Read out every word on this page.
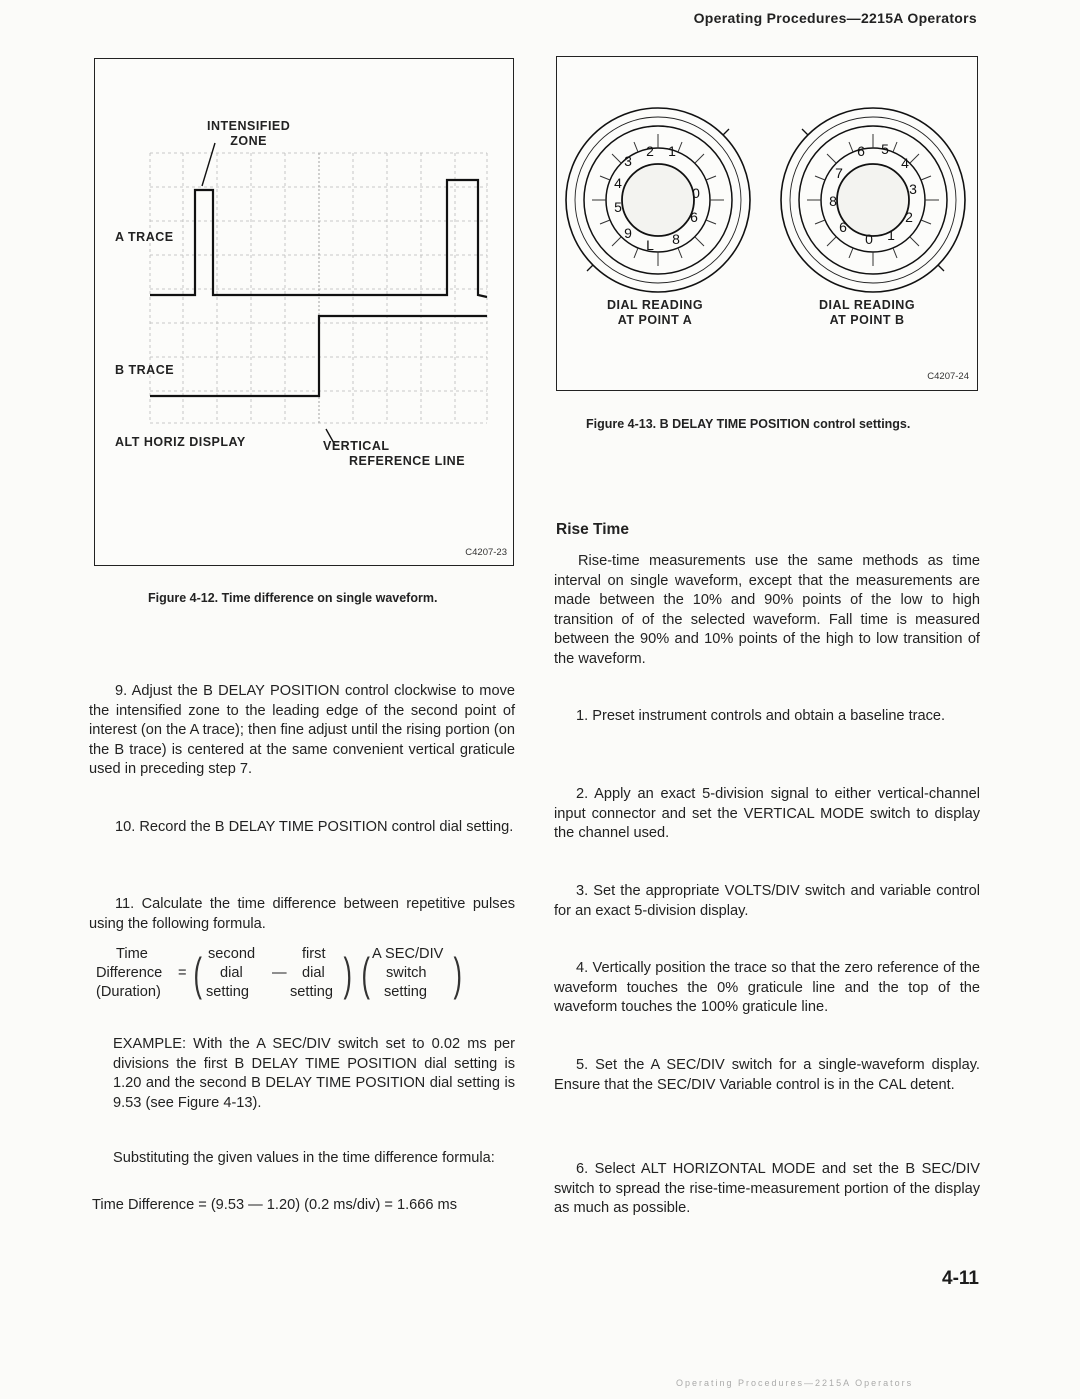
Operating Procedures—2215A Operators
INTENSIFIED
ZONE
A TRACE
B TRACE
ALT HORIZ DISPLAY	VERTICAL
REFERENCE LINE
C4207-23
Figure 4-12. Time difference on single waveform.
2
3
4
5
9
L 8
6
0
1	6 5
4
3
2
7
8
6
0 1
DIAL READING
AT POINT A
DIAL READING
AT POINT B
C4207-24
Figure 4-13. B DELAY TIME POSITION control settings.
9. Adjust the B DELAY POSITION control clockwise to move the intensified zone to the leading edge of the second point of interest (on the A trace); then fine adjust until the rising portion (on the B trace) is centered at the same convenient vertical graticule used in preceding step 7.
10. Record the B DELAY TIME POSITION control dial setting.
11. Calculate the time difference between repetitive pulses using the following formula.
Time
Difference
(Duration)
= ( second
dial
setting
—
first
dial
setting ) ( A SEC/DIV
switch
setting )
EXAMPLE: With the A SEC/DIV switch set to 0.02 ms per divisions the first B DELAY TIME POSITION dial setting is 1.20 and the second B DELAY TIME POSITION dial setting is 9.53 (see Figure 4-13).
Substituting the given values in the time difference formula:
Time Difference = (9.53 — 1.20) (0.2 ms/div) = 1.666 ms
Rise Time
Rise-time measurements use the same methods as time interval on single waveform, except that the measurements are made between the 10% and 90% points of the low to high transition of of the selected waveform. Fall time is measured between the 90% and 10% points of the high to low transition of the waveform.
1. Preset instrument controls and obtain a baseline trace.
2. Apply an exact 5-division signal to either vertical-channel input connector and set the VERTICAL MODE switch to display the channel used.
3. Set the appropriate VOLTS/DIV switch and variable control for an exact 5-division display.
4. Vertically position the trace so that the zero reference of the waveform touches the 0% graticule line and the top of the waveform touches the 100% graticule line.
5. Set the A SEC/DIV switch for a single-waveform display. Ensure that the SEC/DIV Variable control is in the CAL detent.
6. Select ALT HORIZONTAL MODE and set the B SEC/DIV switch to spread the rise-time-measurement portion of the display as much as possible.
4-11
Operating Procedures—2215A Operators
